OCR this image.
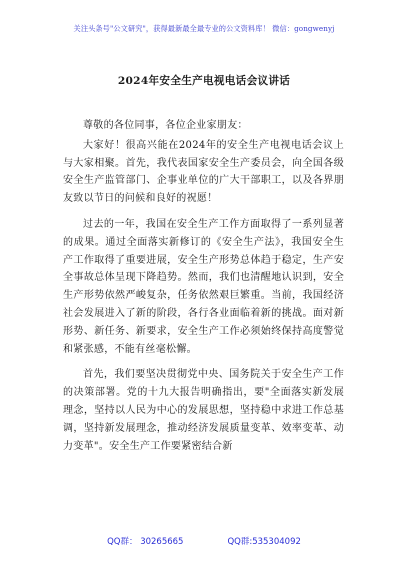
关注头条号"公文研究"，获得最新最全最专业的公文资料库！ 微信：gongwenyj
2024年安全生产电视电话会议讲话

尊敬的各位同事，各位企业家朋友：

大家好！很高兴能在2024年的安全生产电视电话会议上与大家相聚。首先，我代表国家安全生产委员会，向全国各级安全生产监管部门、企事业单位的广大干部职工，以及各界朋友致以节日的问候和良好的祝愿！

过去的一年，我国在安全生产工作方面取得了一系列显著的成果。通过全面落实新修订的《安全生产法》，我国安全生产工作取得了重要进展，安全生产形势总体趋于稳定，生产安全事故总体呈现下降趋势。然而，我们也清醒地认识到，安全生产形势依然严峻复杂，任务依然艰巨繁重。当前，我国经济社会发展进入了新的阶段，各行各业面临着新的挑战。面对新形势、新任务、新要求，安全生产工作必须始终保持高度警觉和紧张感，不能有丝毫松懈。

首先，我们要坚决贯彻党中央、国务院关于安全生产工作的决策部署。党的十九大报告明确指出，要"全面落实新发展理念，坚持以人民为中心的发展思想，坚持稳中求进工作总基调，坚持新发展理念，推动经济发展质量变革、效率变革、动力变革"。安全生产工作要紧密结合新

QQ群： 30265665	QQ群:535304092
